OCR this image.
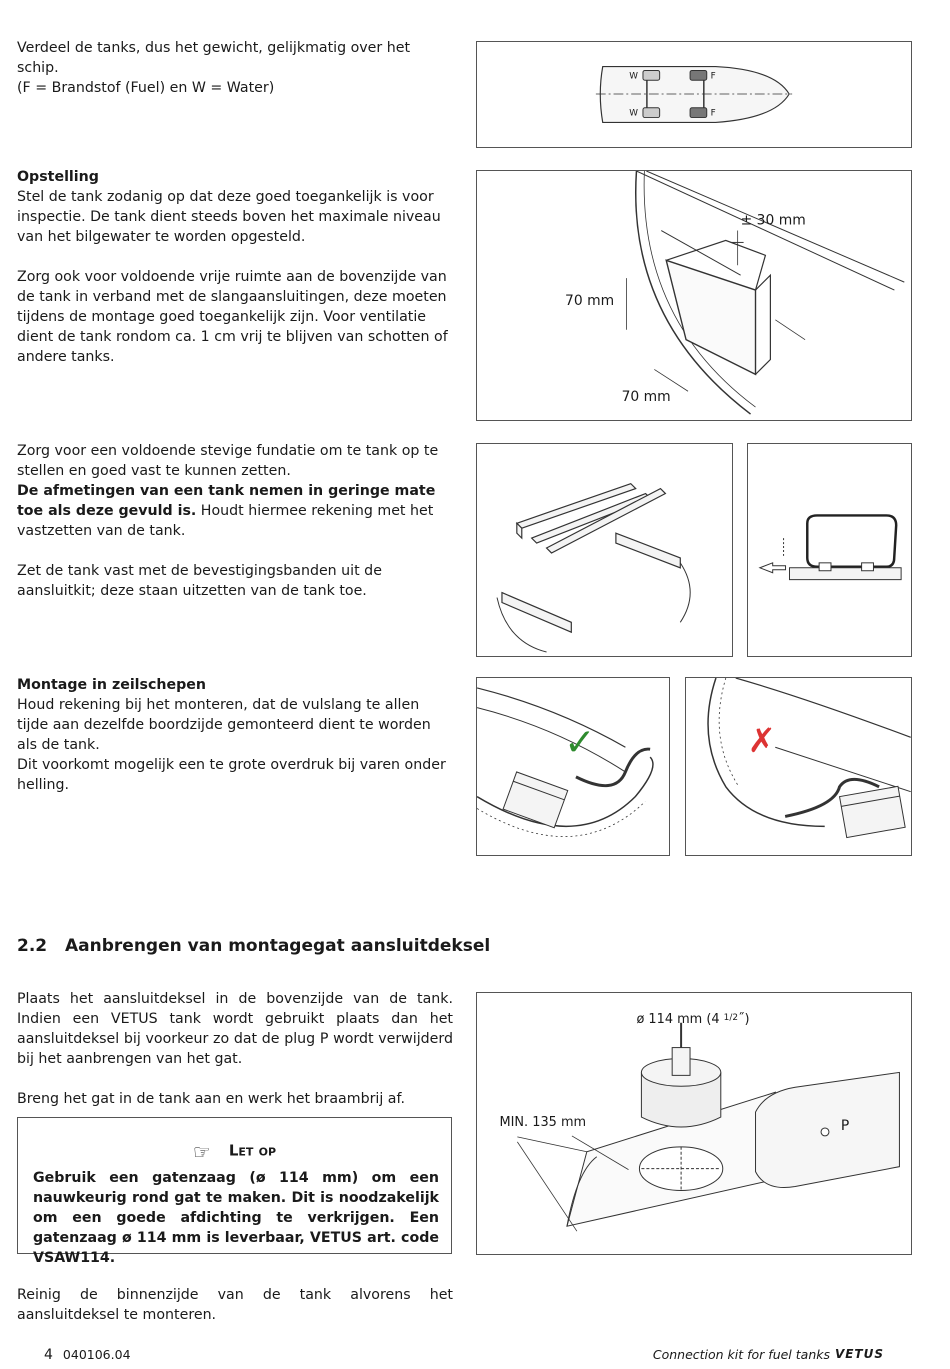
Verdeel de tanks, dus het gewicht, gelijkmatig over het schip.

(F = Brandstof (Fuel) en W = Water)

W	F
W	F

Opstelling

Stel de tank zodanig op dat deze goed toegankelijk is voor inspectie. De tank dient steeds boven het maximale niveau van het bilgewater te worden opgesteld.

Zorg ook voor voldoende vrije ruimte aan de bovenzijde van de tank in verband met de slangaansluitingen, deze moeten tijdens de montage goed toegankelijk zijn. Voor ventilatie dient de tank rondom ca. 1 cm vrij te blijven van schotten of andere tanks.

± 30 mm
70 mm
70 mm

Zorg voor een voldoende stevige fundatie om te tank op te stellen en goed vast te kunnen zetten.

De afmetingen van een tank nemen in geringe mate toe als deze gevuld is. Houdt hiermee rekening met het vastzetten van de tank.

Zet de tank vast met de bevestigingsbanden uit de aansluitkit; deze staan uitzetten van de tank toe.

Montage in zeilschepen

Houd rekening bij het monteren, dat de vulslang te allen tijde aan dezelfde boordzijde gemonteerd dient te worden als de tank.

Dit voorkomt mogelijk een te grote overdruk bij varen onder helling.

✓	✗
2.2 Aanbrengen van montagegat aansluitdeksel

Plaats het aansluitdeksel in de bovenzijde van de tank. Indien een VETUS tank wordt gebruikt plaats dan het aansluitdeksel bij voorkeur zo dat de plug P wordt verwijderd bij het aanbrengen van het gat.

Breng het gat in de tank aan en werk het braambrij af.

☞ Let op
Gebruik een gatenzaag (ø 114 mm) om een nauwkeurig rond gat te maken. Dit is noodzakelijk om een goede afdichting te verkrijgen. Een gatenzaag ø 114 mm is leverbaar, VETUS art. code VSAW114.
ø 114 mm (4 $^{1/2}$˝)
MIN. 135 mm	P
Reinig de binnenzijde van de tank alvorens het aansluitdeksel te monteren.
4 040106.04	Connection kit for fuel tanks VETUS
